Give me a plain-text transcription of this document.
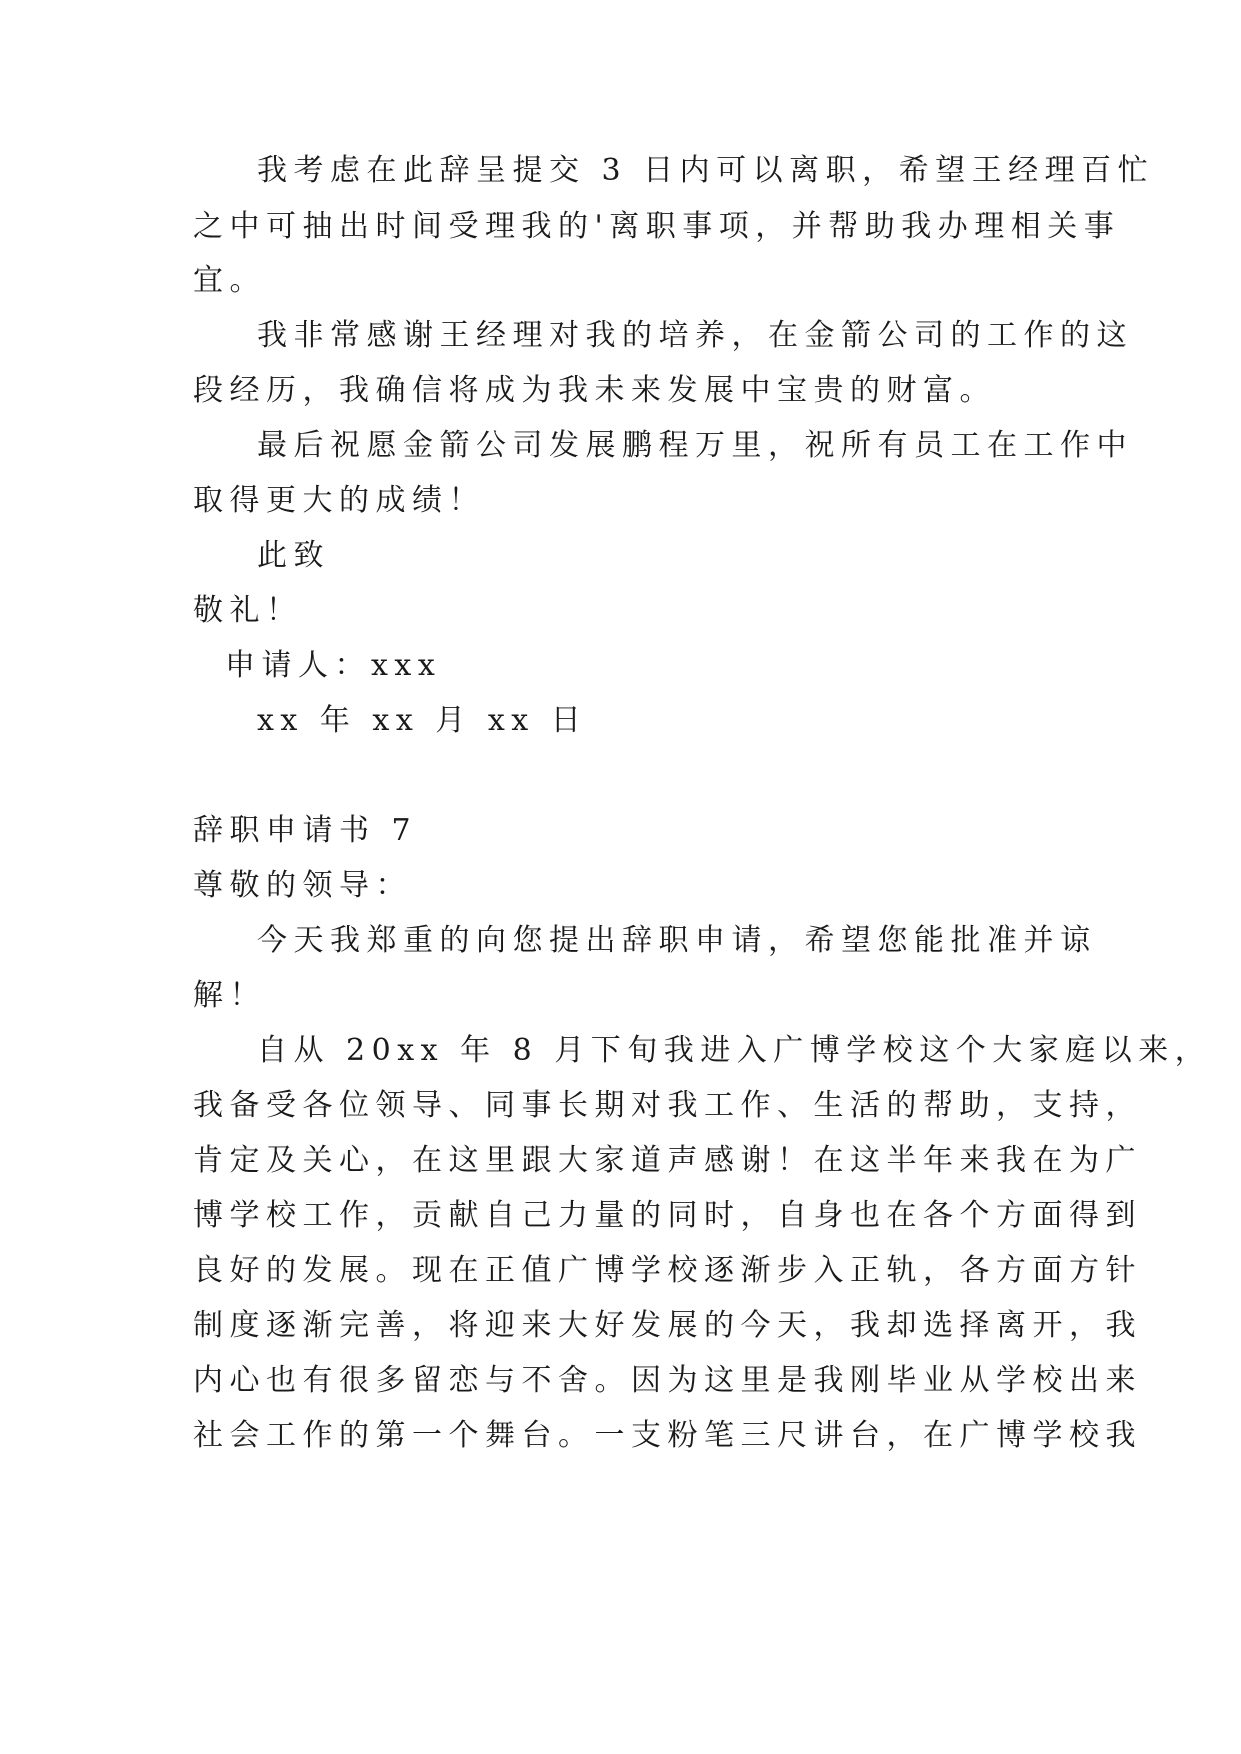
我考虑在此辞呈提交 3 日内可以离职，希望王经理百忙
之中可抽出时间受理我的'离职事项，并帮助我办理相关事
宜。
我非常感谢王经理对我的培养，在金箭公司的工作的这
段经历，我确信将成为我未来发展中宝贵的财富。
最后祝愿金箭公司发展鹏程万里，祝所有员工在工作中
取得更大的成绩！
此致
敬礼！
申请人：xxx
xx 年 xx 月 xx 日
辞职申请书 7
尊敬的领导：
今天我郑重的向您提出辞职申请，希望您能批准并谅
解！
自从 20xx 年 8 月下旬我进入广博学校这个大家庭以来，
我备受各位领导、同事长期对我工作、生活的帮助，支持，
肯定及关心，在这里跟大家道声感谢！在这半年来我在为广
博学校工作，贡献自己力量的同时，自身也在各个方面得到
良好的发展。现在正值广博学校逐渐步入正轨，各方面方针
制度逐渐完善，将迎来大好发展的今天，我却选择离开，我
内心也有很多留恋与不舍。因为这里是我刚毕业从学校出来
社会工作的第一个舞台。一支粉笔三尺讲台，在广博学校我
